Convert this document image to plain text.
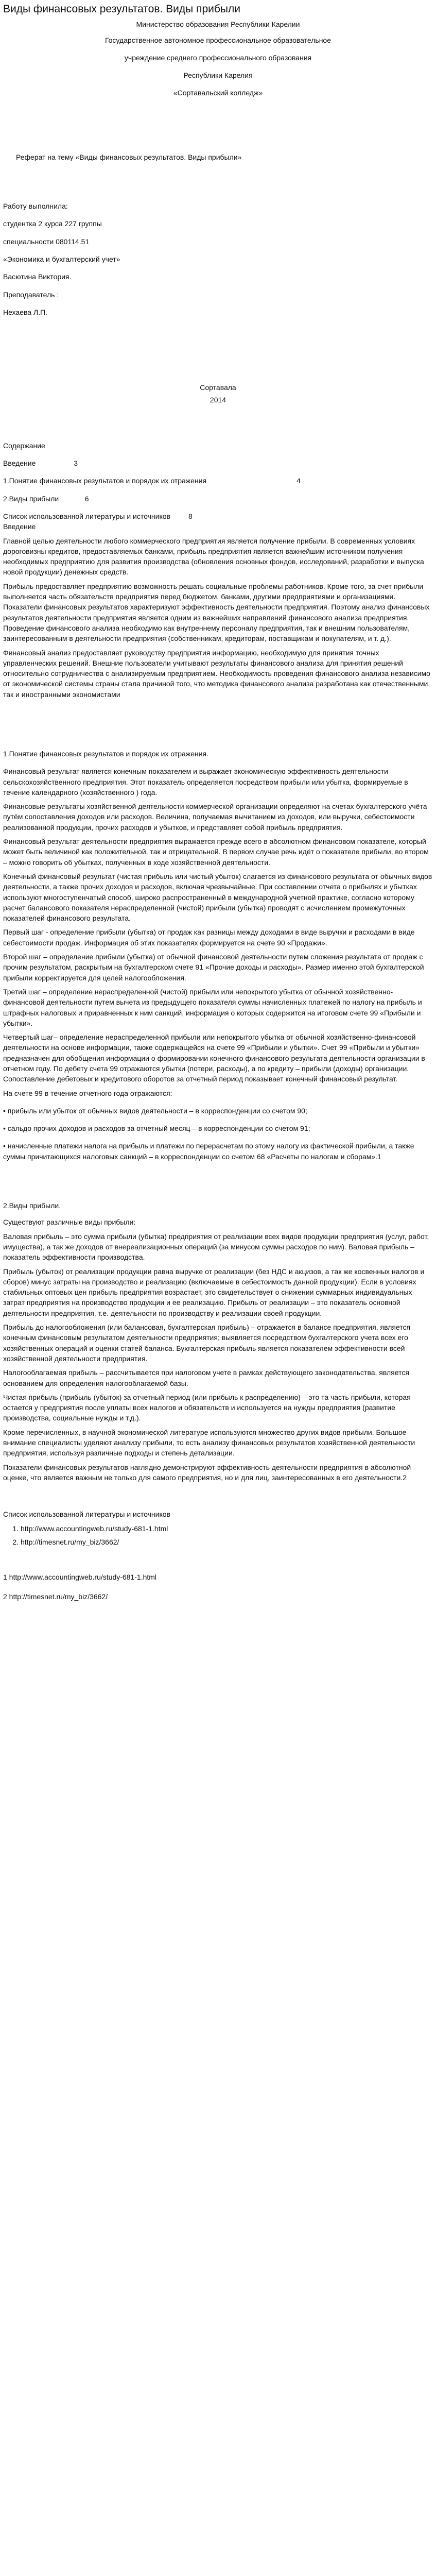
Виды финансовых результатов. Виды прибыли

Министерство образования Республики Карелии

Государственное автономное профессиональное образовательное

учреждение среднего профессионального образования

Республики Карелия

«Сортавальский колледж»

Реферат на тему «Виды финансовых результатов. Виды прибыли»

Работу выполнила:

студентка 2 курса 227 группы

специальности 080114.51

«Экономика и бухгалтерский учет»

Васютина Виктория.

Преподаватель :

Нехаева Л.П.

Сортавала

2014

Содержание

Введение                   3

1.Понятие финансовых результатов и порядок их отражения                                             4

2.Виды прибыли             6

Список использованной литературы и источников         8

Введение

Главной целью деятельности любого коммерческого предприятия является получение прибыли. В современных условиях дороговизны кредитов, предоставляемых банками, прибыль предприятия является важнейшим источником получения необходимых предприятию для развития производства (обновления основных фондов, исследований, разработки и выпуска новой продукции) денежных средств.

Прибыль предоставляет предприятию возможность решать социальные проблемы работников. Кроме того, за счет прибыли выполняется часть обязательств предприятия перед бюджетом, банками, другими предприятиями и организациями. Показатели финансовых результатов характеризуют эффективность деятельности предприятия. Поэтому анализ финансовых результатов деятельности предприятия является одним из важнейших направлений финансового анализа предприятия. Проведение финансового анализа необходимо как внутреннему персоналу предприятия, так и внешним пользователям, заинтересованным в деятельности предприятия (собственникам, кредиторам, поставщикам и покупателям, и т. д.).

Финансовый анализ предоставляет руководству предприятия информацию, необходимую для принятия точных управленческих решений. Внешние пользователи учитывают результаты финансового анализа для принятия решений относительно сотрудничества с анализируемым предприятием. Необходимость проведения финансового анализа независимо от экономической системы страны стала причиной того, что методика финансового анализа разработана как отечественными, так и иностранными экономистами

1.Понятие финансовых результатов и порядок их отражения.

Финансовый результат является конечным показателем и выражает экономическую эффективность деятельности сельскохозяйственного предприятия. Этот показатель определяется посредством прибыли или убытка, формируемые в течение календарного (хозяйственного ) года.

Финансовые результаты хозяйственной деятельности коммерческой организации определяют на счетах бухгалтерского учёта путём сопоставления доходов или расходов. Величина, получаемая вычитанием из доходов, или выручки, себестоимости реализованной продукции, прочих расходов и убытков, и представляет собой прибыль предприятия.

Финансовый результат деятельности предприятия выражается прежде всего в абсолютном финансовом показателе, который может быть величиной как положительной, так и отрицательной. В первом случае речь идёт о показателе прибыли, во втором – можно говорить об убытках, полученных в ходе хозяйственной деятельности.

Конечный финансовый результат (чистая прибыль или чистый убыток) слагается из финансового результата от обычных видов деятельности, а также прочих доходов и расходов, включая чрезвычайные. При составлении отчета о прибылях и убытках используют многоступенчатый способ, широко распространенный в международной учетной практике, согласно которому расчет балансового показателя нераспределенной (чистой) прибыли (убытка) проводят с исчислением промежуточных показателей финансового результата.

Первый шаг - определение прибыли (убытка) от продаж как разницы между доходами в виде выручки и расходами в виде себестоимости продаж. Информация об этих показателях формируется на счете 90 «Продажи».

Второй шаг – определение прибыли (убытка) от обычной финансовой деятельности путем сложения результата от продаж с прочим результатом, раскрытым на бухгалтерском счете 91 «Прочие доходы и расходы». Размер именно этой бухгалтерской прибыли корректируется для целей налогообложения.

Третий шаг – определение нераспределенной (чистой) прибыли или непокрытого убытка от обычной хозяйственно-финансовой деятельности путем вычета из предыдущего показателя суммы начисленных платежей по налогу на прибыль и штрафных налоговых и приравненных к ним санкций, информация о которых содержится на итоговом счете 99 «Прибыли и убытки».

Четвертый шаг– определение нераспределенной прибыли или непокрытого убытка от обычной хозяйственно-финансовой деятельности на основе информации, также содержащейся на счете 99 «Прибыли и убытки». Счет 99 «Прибыли и убытки» предназначен для обобщения информации о формировании конечного финансового результата деятельности организации в отчетном году. По дебету счета 99 отражаются убытки (потери, расходы), а по кредиту – прибыли (доходы) организации. Сопоставление дебетовых и кредитового оборотов за отчетный период показывает конечный финансовый результат.

На счете 99 в течение отчетного года отражаются:

• прибыль или убыток от обычных видов деятельности – в корреспонденции со счетом 90;

• сальдо прочих доходов и расходов за отчетный месяц – в корреспонденции со счетом 91;

• начисленные платежи налога на прибыль и платежи по перерасчетам по этому налогу из фактической прибыли, а также суммы причитающихся налоговых санкций – в корреспонденции со счетом 68 «Расчеты по налогам и сборам».1

2.Виды прибыли.

Существуют различные виды прибыли:

Валовая прибыль – это сумма прибыли (убытка) предприятия от реализации всех видов продукции предприятия (услуг, работ, имущества), а так же доходов от внереализационных операций (за минусом суммы расходов по ним). Валовая прибыль – показатель эффективности производства.

Прибыль (убыток) от реализации продукции равна выручке от реализации (без НДС и акцизов, а так же косвенных налогов и сборов) минус затраты на производство и реализацию (включаемые в себестоимость данной продукции). Если в условиях стабильных оптовых цен прибыль предприятия возрастает, это свидетельствует о снижении суммарных индивидуальных затрат предприятия на производство продукции и ее реализацию. Прибыль от реализации – это показатель основной деятельности предприятия, т.е. деятельности по производству и реализации своей продукции.

Прибыль до налогообложения (или балансовая, бухгалтерская прибыль) – отражается в балансе предприятия, является конечным финансовым результатом деятельности предприятия; выявляется посредством бухгалтерского учета всех его хозяйственных операций и оценки статей баланса. Бухгалтерская прибыль является показателем эффективности всей хозяйственной деятельности предприятия.

Налогооблагаемая прибыль – рассчитывается при налоговом учете в рамках действующего законодательства, является основанием для определения налогооблагаемой базы.

Чистая прибыль (прибыль (убыток) за отчетный период (или прибыль к распределению) – это та часть прибыли, которая остается у предприятия после уплаты всех налогов и обязательств и используется на нужды предприятия (развитие производства, социальные нужды и т.д.).

Кроме перечисленных, в научной экономической литературе используются множество других видов прибыли. Большое внимание специалисты уделяют анализу прибыли, то есть анализу финансовых результатов хозяйственной деятельности предприятия, используя различные подходы и степень детализации.

Показатели финансовых результатов наглядно демонстрируют эффективность деятельности предприятия в абсолютной оценке, что является важным не только для самого предприятия, но и для лиц, заинтересованных в его деятельности.2

Список использованной литературы и источников

1. http://www.accountingweb.ru/study-681-1.html
2. http://timesnet.ru/my_biz/3662/

1 http://www.accountingweb.ru/study-681-1.html

2 http://timesnet.ru/my_biz/3662/
